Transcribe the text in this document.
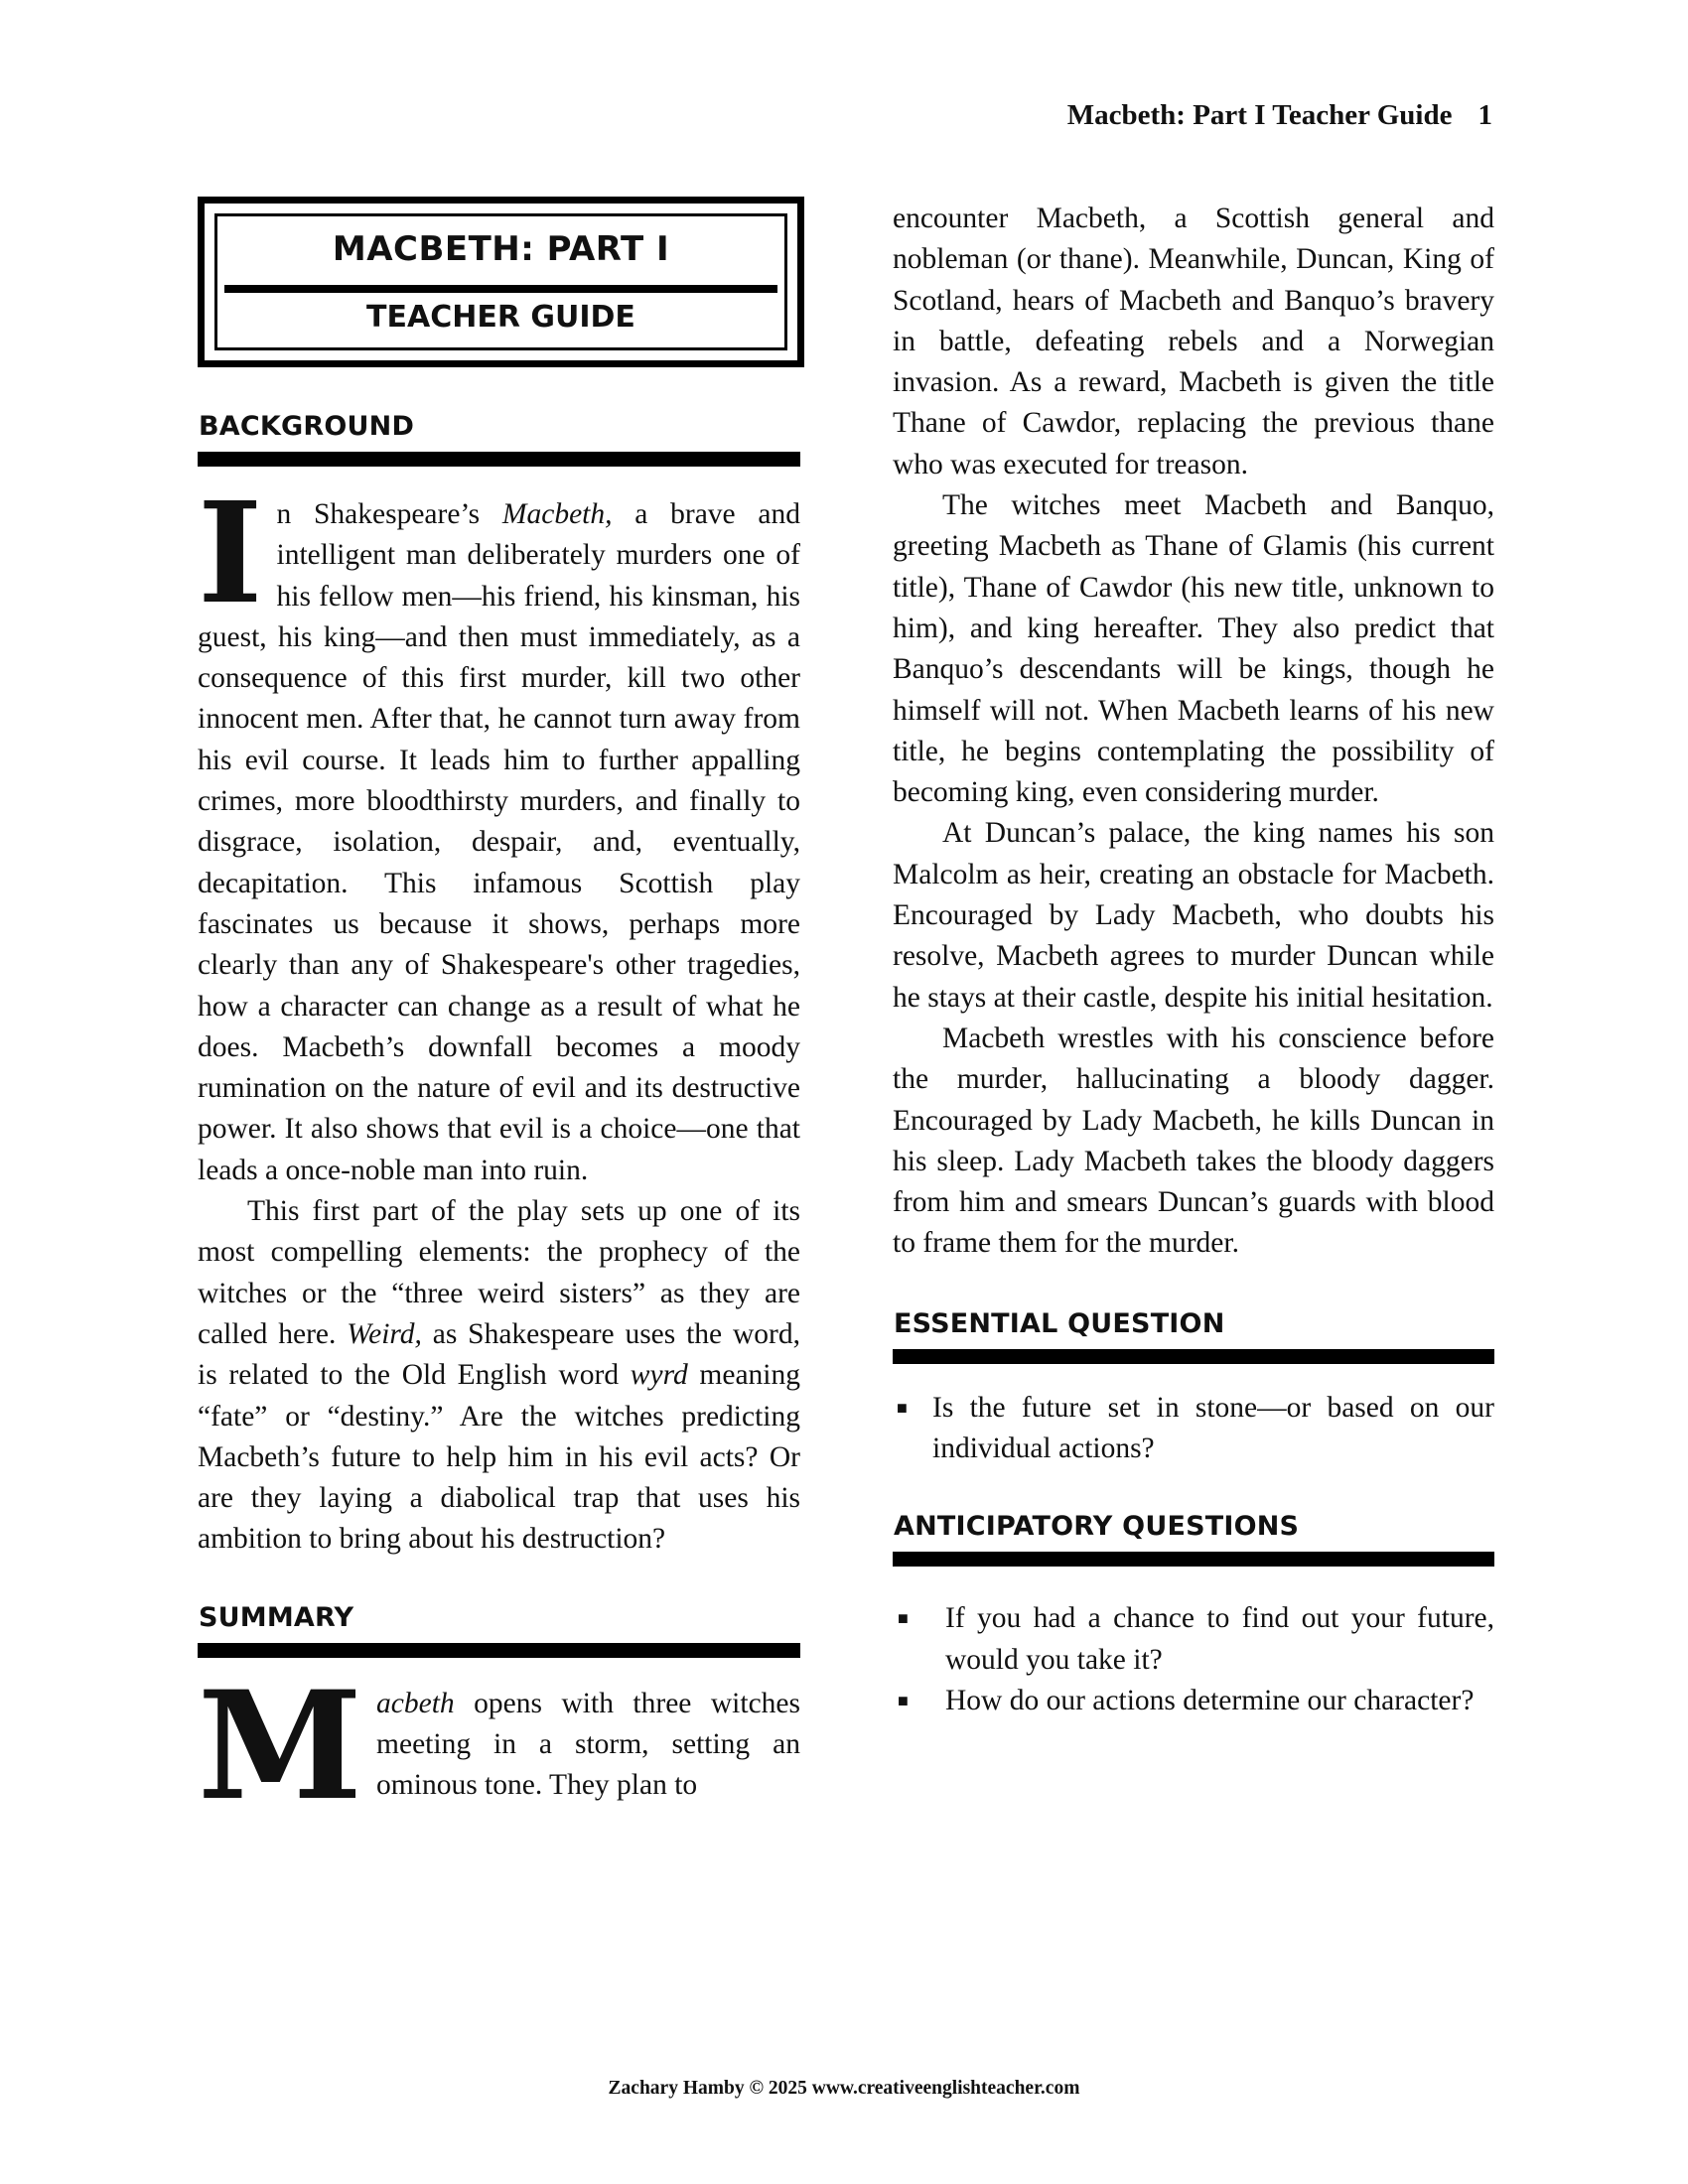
Macbeth: Part I Teacher Guide 1
MACBETH: PART I
TEACHER GUIDE
BACKGROUND

In Shakespeare’s Macbeth, a brave and intelligent man deliberately murders one of his fellow men—his friend, his kinsman, his guest, his king—and then must immediately, as a consequence of this first murder, kill two other innocent men. After that, he cannot turn away from his evil course. It leads him to further appalling crimes, more bloodthirsty murders, and finally to disgrace, isolation, despair, and, eventually, decapitation. This infamous Scottish play fascinates us because it shows, perhaps more clearly than any of Shakespeare's other tragedies, how a character can change as a result of what he does. Macbeth’s downfall becomes a moody rumination on the nature of evil and its destructive power. It also shows that evil is a choice—one that leads a once-noble man into ruin.

This first part of the play sets up one of its most compelling elements: the prophecy of the witches or the “three weird sisters” as they are called here. Weird, as Shakespeare uses the word, is related to the Old English word wyrd meaning “fate” or “destiny.” Are the witches predicting Macbeth’s future to help him in his evil acts? Or are they laying a diabolical trap that uses his ambition to bring about his destruction?

SUMMARY

Macbeth opens with three witches meeting in a storm, setting an ominous tone. They plan to

encounter Macbeth, a Scottish general and nobleman (or thane). Meanwhile, Duncan, King of Scotland, hears of Macbeth and Banquo’s bravery in battle, defeating rebels and a Norwegian invasion. As a reward, Macbeth is given the title Thane of Cawdor, replacing the previous thane who was executed for treason.

The witches meet Macbeth and Banquo, greeting Macbeth as Thane of Glamis (his current title), Thane of Cawdor (his new title, unknown to him), and king hereafter. They also predict that Banquo’s descendants will be kings, though he himself will not. When Macbeth learns of his new title, he begins contemplating the possibility of becoming king, even considering murder.

At Duncan’s palace, the king names his son Malcolm as heir, creating an obstacle for Macbeth. Encouraged by Lady Macbeth, who doubts his resolve, Macbeth agrees to murder Duncan while he stays at their castle, despite his initial hesitation.

Macbeth wrestles with his conscience before the murder, hallucinating a bloody dagger. Encouraged by Lady Macbeth, he kills Duncan in his sleep. Lady Macbeth takes the bloody daggers from him and smears Duncan’s guards with blood to frame them for the murder.

ESSENTIAL QUESTION
■ Is the future set in stone—or based on our individual actions?
ANTICIPATORY QUESTIONS
■ If you had a chance to find out your future, would you take it?
■ How do our actions determine our character?
Zachary Hamby © 2025 www.creativeenglishteacher.com
